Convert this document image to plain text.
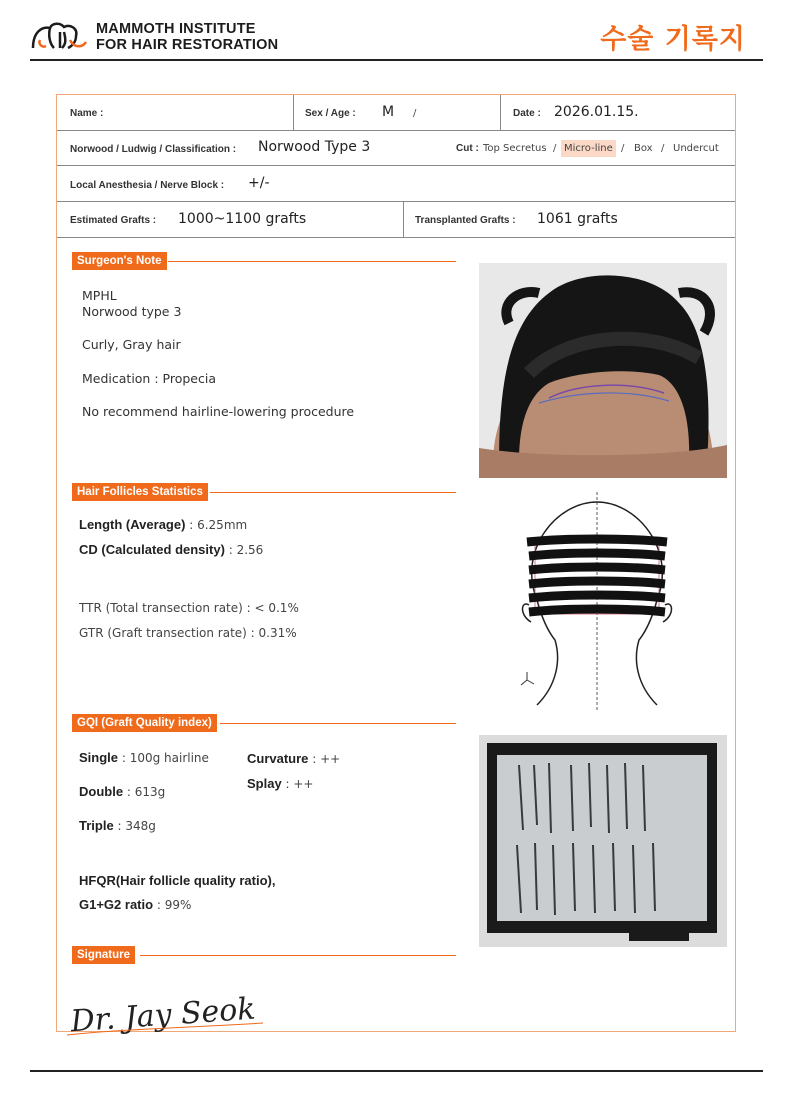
MAMMOTH INSTITUTE
FOR HAIR RESTORATION	수술 기록지
Name :	Sex / Age : M /	Date : 2026.01.15.
Norwood / Ludwig / Classification : Norwood Type 3	Cut : Top Secretus / Micro-line / Box / Undercut
Local Anesthesia / Nerve Block : +/-
Estimated Grafts : 1000~1100 grafts	Transplanted Grafts : 1061 grafts
Surgeon's Note
MPHL
Norwood type 3
Curly, Gray hair
Medication : Propecia
No recommend hairline-lowering procedure
Hair Follicles Statistics
Length (Average) : 6.25mm
CD (Calculated density) : 2.56
TTR (Total transection rate) : < 0.1%
GTR (Graft transection rate) : 0.31%
GQI (Graft Quality index)
Single : 100g hairline
Double : 613g
Triple : 348g
Curvature : ++
Splay : ++
HFQR(Hair follicle quality ratio),
G1+G2 ratio : 99%
Signature
Dr. Jay Seok
